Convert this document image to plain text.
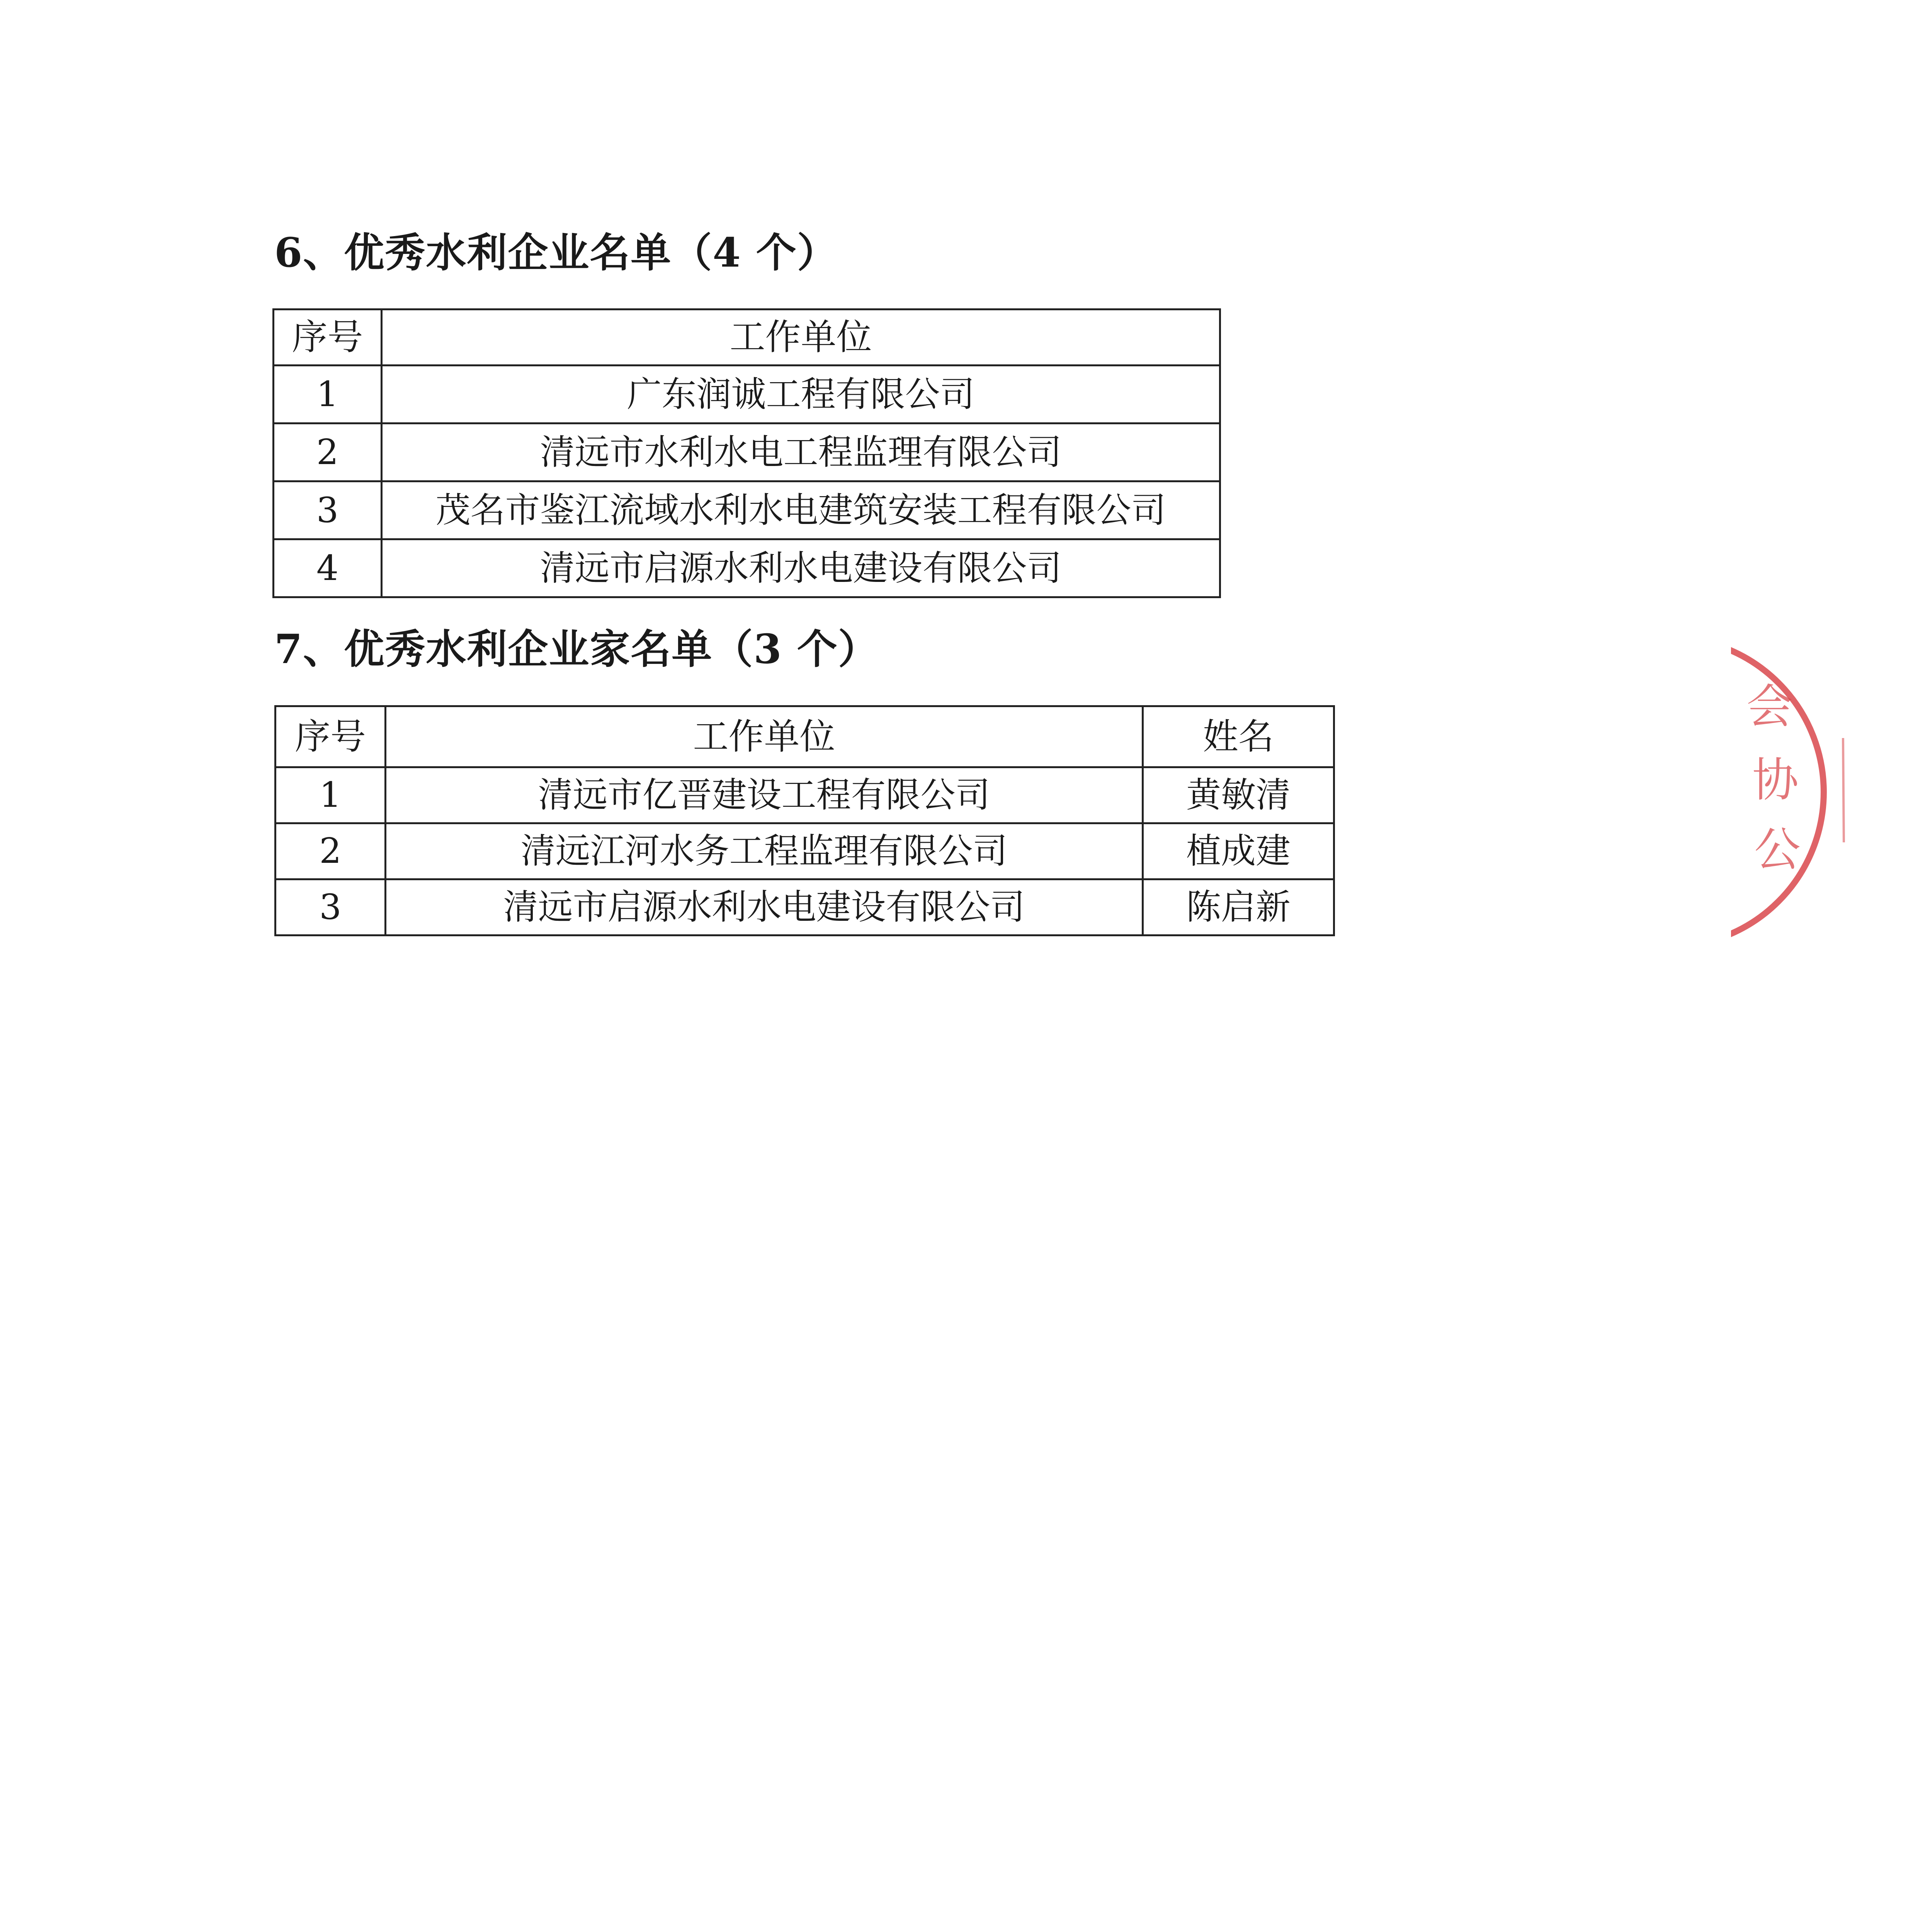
6、优秀水利企业名单（4 个）
序号	工作单位
1	广东润诚工程有限公司
2	清远市水利水电工程监理有限公司
3	茂名市鉴江流域水利水电建筑安装工程有限公司
4	清远市启源水利水电建设有限公司
7、优秀水利企业家名单（3 个）
序号	工作单位	姓名
1	清远市亿晋建设工程有限公司	黄敏清
2	清远江河水务工程监理有限公司	植成建
3	清远市启源水利水电建设有限公司	陈启新
会
协
公
